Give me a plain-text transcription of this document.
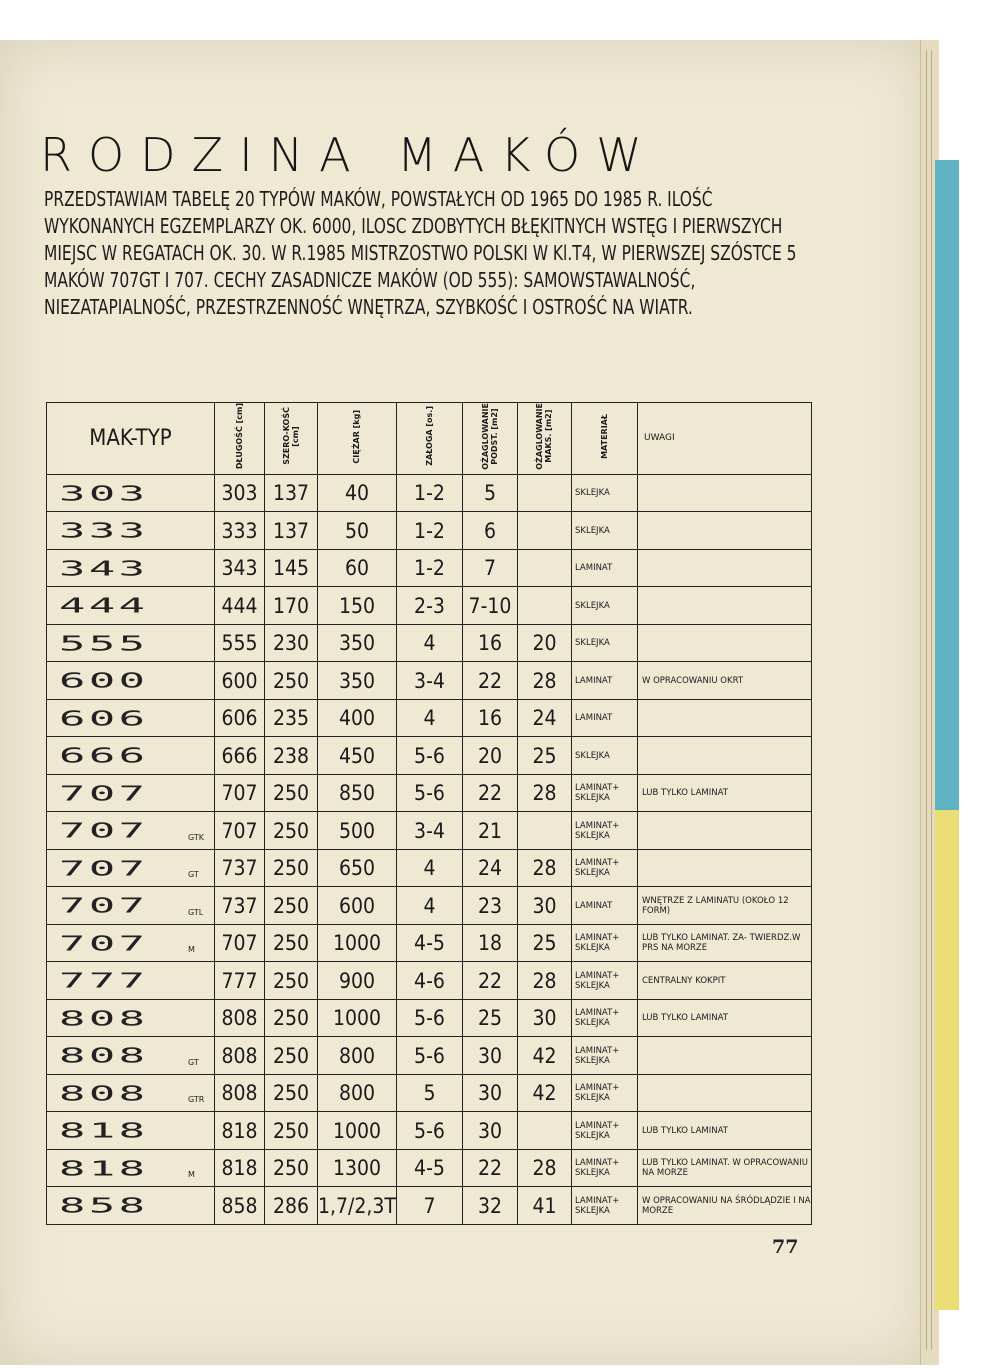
RODZINA MAKÓW

PRZEDSTAWIAM TABELĘ 20 TYPÓW MAKÓW, POWSTAŁYCH OD 1965 DO 1985 R. ILOŚĆ WYKONANYCH EGZEMPLARZY OK. 6000, ILOSC ZDOBYTYCH BŁĘKITNYCH WSTĘG I PIERWSZYCH MIEJSC W REGATACH OK. 30. W R.1985 MISTRZOSTWO POLSKI W Kl.T4, W PIERWSZEJ SZÓSTCE 5 MAKÓW 707GT I 707. CECHY ZASADNICZE MAKÓW (OD 555): SAMOWSTAWALNOŚĆ, NIEZATAPIALNOŚĆ, PRZESTRZENNOŚĆ WNĘTRZA, SZYBKOŚĆ I OSTROŚĆ NA WIATR.

MAK-TYP	DŁUGOŚĆ [cm]	SZERO-KOŚĆ [cm]	CIĘŻAR [kg]	ZAŁOGA [os.]	OŻAGLOWANIE PODST. [m2]	OŻAGLOWANIE MAKS. [m2]	MATERIAŁ	UWAGI
303	303	137	40	1-2	5		SKLEJKA	
333	333	137	50	1-2	6		SKLEJKA	
343	343	145	60	1-2	7		LAMINAT	
444	444	170	150	2-3	7-10		SKLEJKA	
555	555	230	350	4	16	20	SKLEJKA	
600	600	250	350	3-4	22	28	LAMINAT	W OPRACOWANIU OKRT
606	606	235	400	4	16	24	LAMINAT	
666	666	238	450	5-6	20	25	SKLEJKA	
707	707	250	850	5-6	22	28	LAMINAT+ SKLEJKA	LUB TYLKO LAMINAT
707 GTK	707	250	500	3-4	21		LAMINAT+ SKLEJKA	
707 GT	737	250	650	4	24	28	LAMINAT+ SKLEJKA	
707 GTL	737	250	600	4	23	30	LAMINAT	WNĘTRZE Z LAMINATU (OKOŁO 12 FORM)
707 M	707	250	1000	4-5	18	25	LAMINAT+ SKLEJKA	LUB TYLKO LAMINAT. ZA- TWIERDZ.W PRS NA MORZE
777	777	250	900	4-6	22	28	LAMINAT+ SKLEJKA	CENTRALNY KOKPIT
808	808	250	1000	5-6	25	30	LAMINAT+ SKLEJKA	LUB TYLKO LAMINAT
808 GT	808	250	800	5-6	30	42	LAMINAT+ SKLEJKA	
808 GTR	808	250	800	5	30	42	LAMINAT+ SKLEJKA	
818	818	250	1000	5-6	30		LAMINAT+ SKLEJKA	LUB TYLKO LAMINAT
818 M	818	250	1300	4-5	22	28	LAMINAT+ SKLEJKA	LUB TYLKO LAMINAT. W OPRACOWANIU NA MORZE
858	858	286	1,7/2,3T	7	32	41	LAMINAT+ SKLEJKA	W OPRACOWANIU NA ŚRÓDLĄDZIE I NA MORZE
77
